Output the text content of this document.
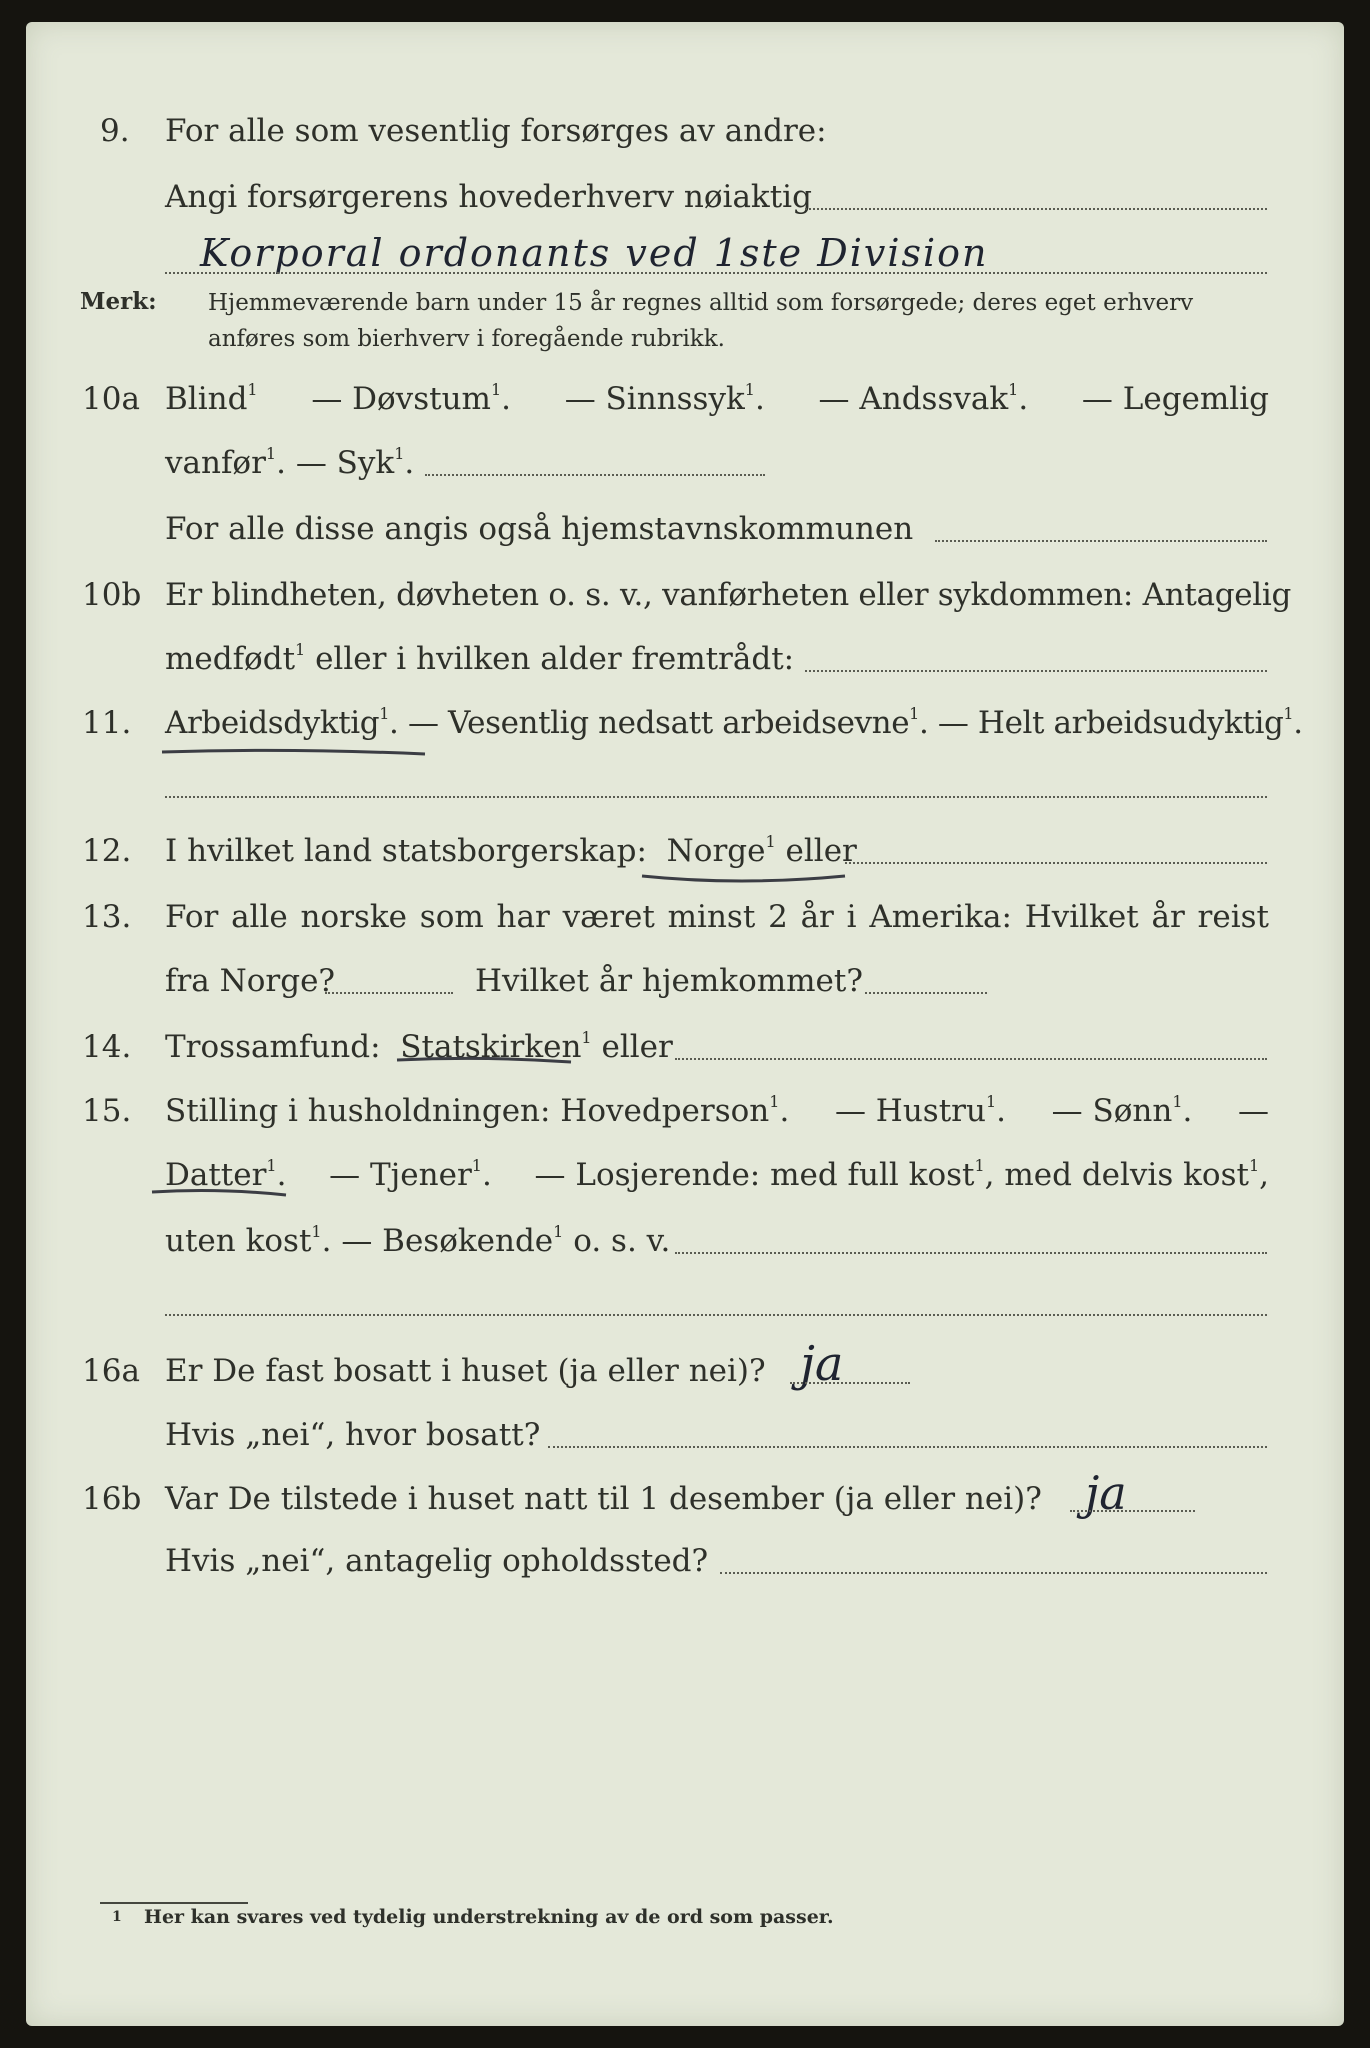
9. For alle som vesentlig forsørges av andre:
Angi forsørgerens hovederhverv nøiaktig
Korporal ordonants ved 1ste Division
Merk: Hjemmeværende barn under 15 år regnes alltid som forsørgede; deres eget erhverv
anføres som bierhverv i foregående rubrikk.
10a Blind$^1$ — Døvstum$^1$. — Sinnssyk$^1$. — Andssvak$^1$. — Legemlig
vanfør$^1$. — Syk$^1$.
For alle disse angis også hjemstavnskommunen
10b Er blindheten, døvheten o. s. v., vanførheten eller sykdommen: Antagelig
medfødt$^1$ eller i hvilken alder fremtrådt:
11. Arbeidsdyktig$^1$. — Vesentlig nedsatt arbeidsevne$^1$. — Helt arbeidsudyktig$^1$.
12. I hvilket land statsborgerskap: Norge$^1$ eller
13. For alle norske som har været minst 2 år i Amerika: Hvilket år reist
fra Norge?	Hvilket år hjemkommet?
14. Trossamfund: Statskirken$^1$ eller
15. Stilling i husholdningen: Hovedperson$^1$. — Hustru$^1$. — Sønn$^1$. —
Datter$^1$. — Tjener$^1$. — Losjerende: med full kost$^1$, med delvis kost$^1$,
uten kost$^1$. — Besøkende$^1$ o. s. v.
16a Er De fast bosatt i huset (ja eller nei)? ja
Hvis „nei“, hvor bosatt?
16b Var De tilstede i huset natt til 1 desember (ja eller nei)? ja
Hvis „nei“, antagelig opholdssted?
1 Her kan svares ved tydelig understrekning av de ord som passer.
